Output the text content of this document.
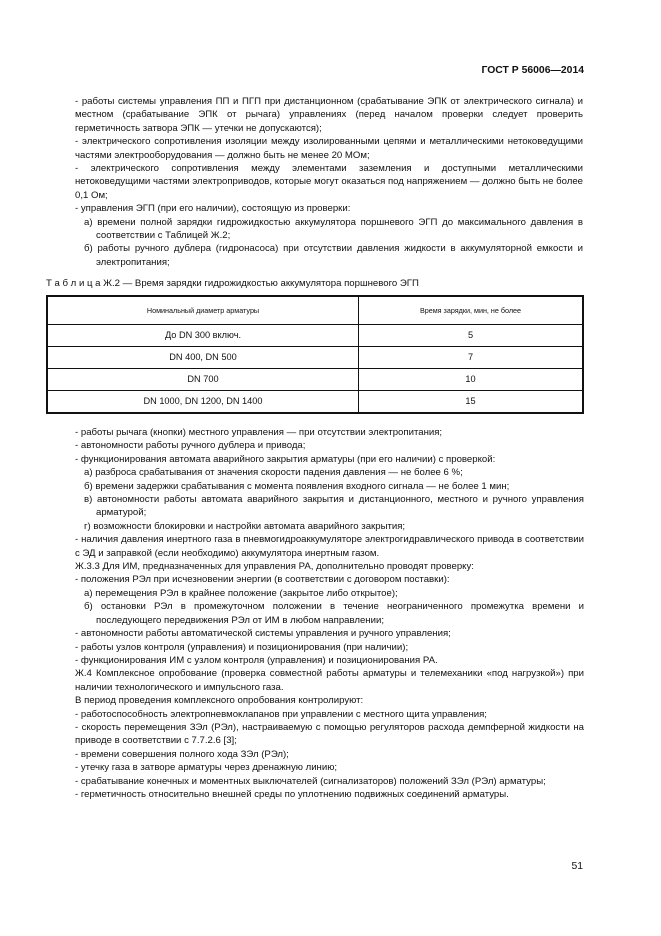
ГОСТ Р 56006—2014

- работы системы управления ПП и ПГП при дистанционном (срабатывание ЭПК от электрического сигнала) и местном (срабатывание ЭПК от рычага) управлениях (перед началом проверки следует проверить герметичность затвора ЭПК — утечки не допускаются);

- электрического сопротивления изоляции между изолированными цепями и металлическими нетоковедущими частями электрооборудования — должно быть не менее 20 МОм;

- электрического сопротивления между элементами заземления и доступными металлическими нетоковедущими частями электроприводов, которые могут оказаться под напряжением — должно быть не более 0,1 Ом;

- управления ЭГП (при его наличии), состоящую из проверки:

а) времени полной зарядки гидрожидкостью аккумулятора поршневого ЭГП до максимального давления в соответствии с Таблицей Ж.2;

б) работы ручного дублера (гидронасоса) при отсутствии давления жидкости в аккумуляторной емкости и электропитания;

Т а б л и ц а Ж.2 — Время зарядки гидрожидкостью аккумулятора поршневого ЭГП
Номинальный диаметр арматуры	Время зарядки, мин, не более
До DN 300 включ.	5
DN 400, DN 500	7
DN 700	10
DN 1000, DN 1200, DN 1400	15
- работы рычага (кнопки) местного управления — при отсутствии электропитания;
- автономности работы ручного дублера и привода;
- функционирования автомата аварийного закрытия арматуры (при его наличии) с проверкой:
а) разброса срабатывания от значения скорости падения давления — не более 6 %;
б) времени задержки срабатывания с момента появления входного сигнала — не более 1 мин;
в) автономности работы автомата аварийного закрытия и дистанционного, местного и ручного управления арматурой;
г) возможности блокировки и настройки автомата аварийного закрытия;
- наличия давления инертного газа в пневмогидроаккумуляторе электрогидравлического привода в соответствии с ЭД и заправкой (если необходимо) аккумулятора инертным газом.
Ж.3.3 Для ИМ, предназначенных для управления РА, дополнительно проводят проверку:
- положения РЭл при исчезновении энергии (в соответствии с договором поставки):
а) перемещения РЭл в крайнее положение (закрытое либо открытое);
б) остановки РЭл в промежуточном положении в течение неограниченного промежутка времени и последующего передвижения РЭл от ИМ в любом направлении;
- автономности работы автоматической системы управления и ручного управления;
- работы узлов контроля (управления) и позиционирования (при наличии);
- функционирования ИМ с узлом контроля (управления) и позиционирования РА.
Ж.4 Комплексное опробование (проверка совместной работы арматуры и телемеханики «под нагрузкой») при наличии технологического и импульсного газа.
В период проведения комплексного опробования контролируют:
- работоспособность электропневмоклапанов при управлении с местного щита управления;
- скорость перемещения ЗЭл (РЭл), настраиваемую с помощью регуляторов расхода демпферной жидкости на приводе в соответствии с 7.7.2.6 [3];
- времени совершения полного хода ЗЭл (РЭл);
- утечку газа в затворе арматуры через дренажную линию;
- срабатывание конечных и моментных выключателей (сигнализаторов) положений ЗЭл (РЭл) арматуры;
- герметичность относительно внешней среды по уплотнению подвижных соединений арматуры.
51
